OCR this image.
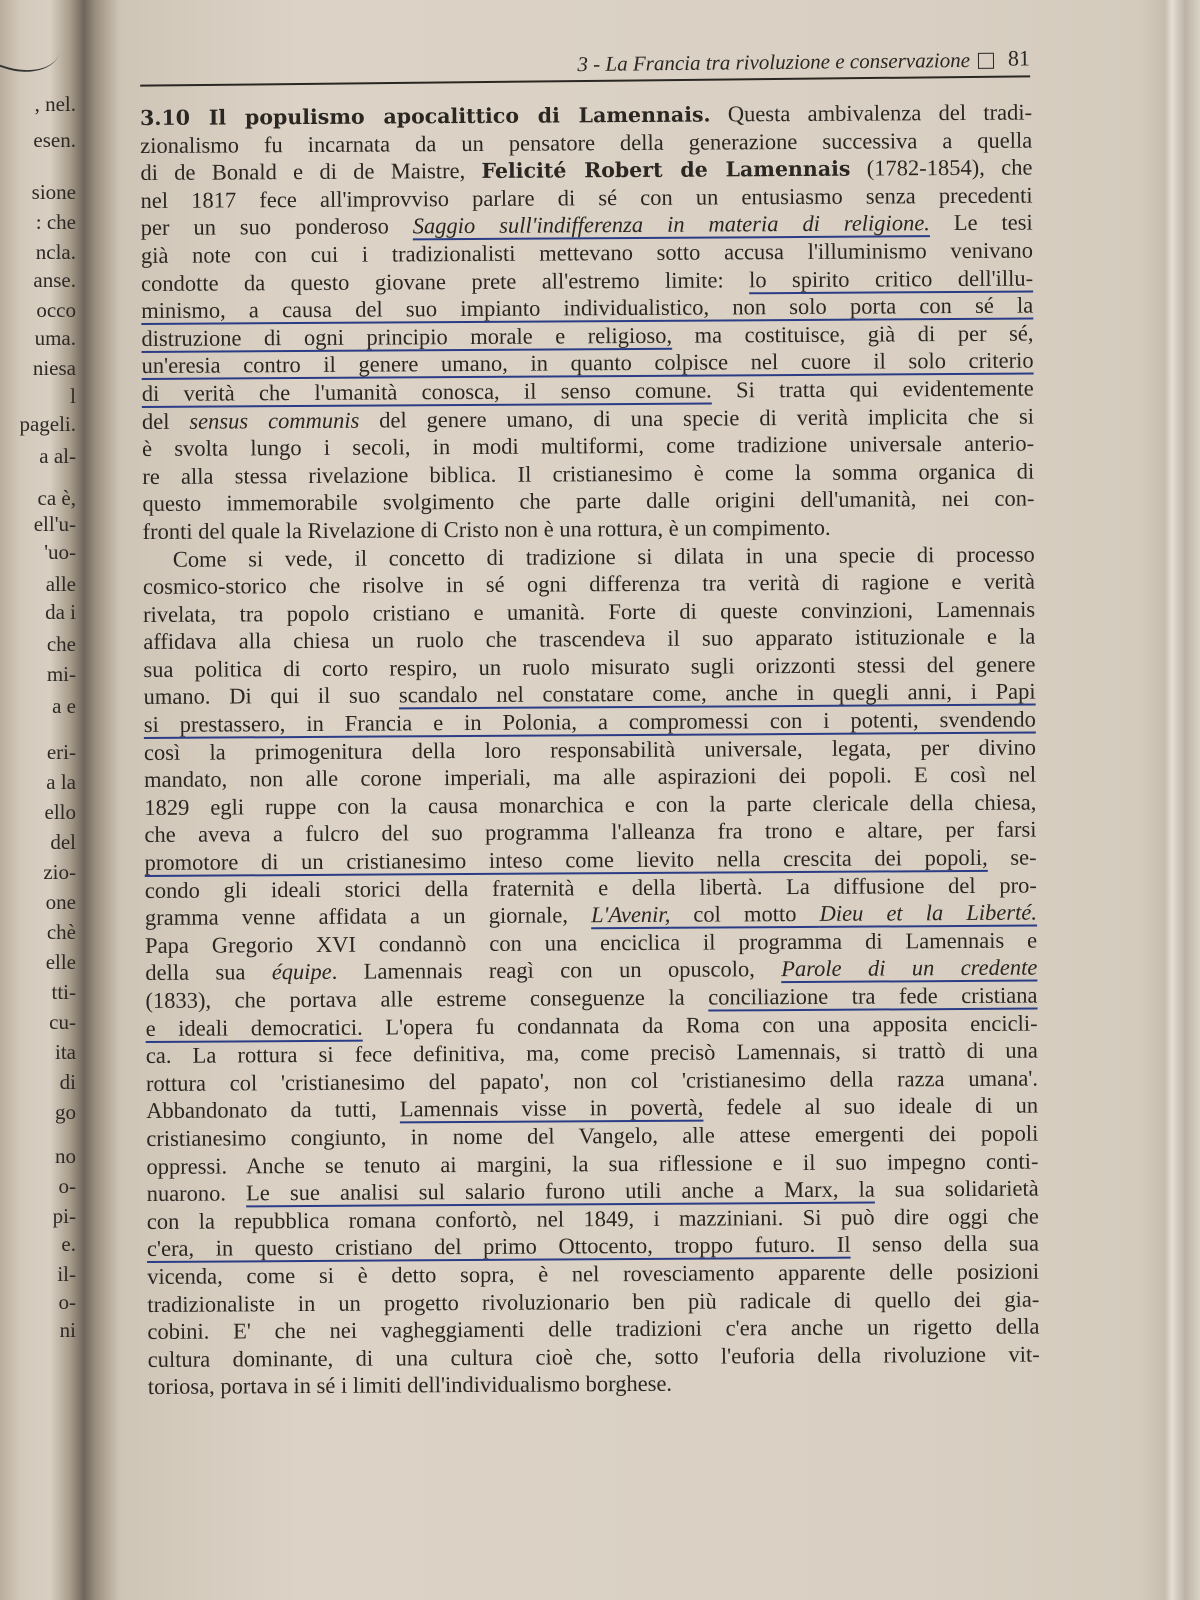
, nel.
esen.
sione
: che
ncla.
anse.
occo
uma.
niesa
l
pageli.
a al-
ca è,
ell'u-
'uo-
alle
da i
che
mi-
a e
eri-
a la
ello
del
zio-
one
chè
elle
tti-
cu-
ita
di
go
no
o-
pi-
e.
il-
o-
ni
3 - La Francia tra rivoluzione e conservazione 81
3.10 Il populismo apocalittico di Lamennais. Questa ambivalenza del tradi-
zionalismo fu incarnata da un pensatore della generazione successiva a quella
di de Bonald e di de Maistre, Felicité Robert de Lamennais (1782-1854), che
nel 1817 fece all'improvviso parlare di sé con un entusiasmo senza precedenti
per un suo ponderoso Saggio sull'indifferenza in materia di religione. Le tesi
già note con cui i tradizionalisti mettevano sotto accusa l'illuminismo venivano
condotte da questo giovane prete all'estremo limite: lo spirito critico dell'illu-
minismo, a causa del suo impianto individualistico, non solo porta con sé la
distruzione di ogni principio morale e religioso, ma costituisce, già di per sé,
un'eresia contro il genere umano, in quanto colpisce nel cuore il solo criterio
di verità che l'umanità conosca, il senso comune. Si tratta qui evidentemente
del sensus communis del genere umano, di una specie di verità implicita che si
è svolta lungo i secoli, in modi multiformi, come tradizione universale anterio-
re alla stessa rivelazione biblica. Il cristianesimo è come la somma organica di
questo immemorabile svolgimento che parte dalle origini dell'umanità, nei con-
fronti del quale la Rivelazione di Cristo non è una rottura, è un compimento.
Come si vede, il concetto di tradizione si dilata in una specie di processo
cosmico-storico che risolve in sé ogni differenza tra verità di ragione e verità
rivelata, tra popolo cristiano e umanità. Forte di queste convinzioni, Lamennais
affidava alla chiesa un ruolo che trascendeva il suo apparato istituzionale e la
sua politica di corto respiro, un ruolo misurato sugli orizzonti stessi del genere
umano. Di qui il suo scandalo nel constatare come, anche in quegli anni, i Papi
si prestassero, in Francia e in Polonia, a compromessi con i potenti, svendendo
così la primogenitura della loro responsabilità universale, legata, per divino
mandato, non alle corone imperiali, ma alle aspirazioni dei popoli. E così nel
1829 egli ruppe con la causa monarchica e con la parte clericale della chiesa,
che aveva a fulcro del suo programma l'alleanza fra trono e altare, per farsi
promotore di un cristianesimo inteso come lievito nella crescita dei popoli, se-
condo gli ideali storici della fraternità e della libertà. La diffusione del pro-
gramma venne affidata a un giornale, L'Avenir, col motto Dieu et la Liberté.
Papa Gregorio XVI condannò con una enciclica il programma di Lamennais e
della sua équipe. Lamennais reagì con un opuscolo, Parole di un credente
(1833), che portava alle estreme conseguenze la conciliazione tra fede cristiana
e ideali democratici. L'opera fu condannata da Roma con una apposita encicli-
ca. La rottura si fece definitiva, ma, come precisò Lamennais, si trattò di una
rottura col 'cristianesimo del papato', non col 'cristianesimo della razza umana'.
Abbandonato da tutti, Lamennais visse in povertà, fedele al suo ideale di un
cristianesimo congiunto, in nome del Vangelo, alle attese emergenti dei popoli
oppressi. Anche se tenuto ai margini, la sua riflessione e il suo impegno conti-
nuarono. Le sue analisi sul salario furono utili anche a Marx, la sua solidarietà
con la repubblica romana confortò, nel 1849, i mazziniani. Si può dire oggi che
c'era, in questo cristiano del primo Ottocento, troppo futuro. Il senso della sua
vicenda, come si è detto sopra, è nel rovesciamento apparente delle posizioni
tradizionaliste in un progetto rivoluzionario ben più radicale di quello dei gia-
cobini. E' che nei vagheggiamenti delle tradizioni c'era anche un rigetto della
cultura dominante, di una cultura cioè che, sotto l'euforia della rivoluzione vit-
toriosa, portava in sé i limiti dell'individualismo borghese.
